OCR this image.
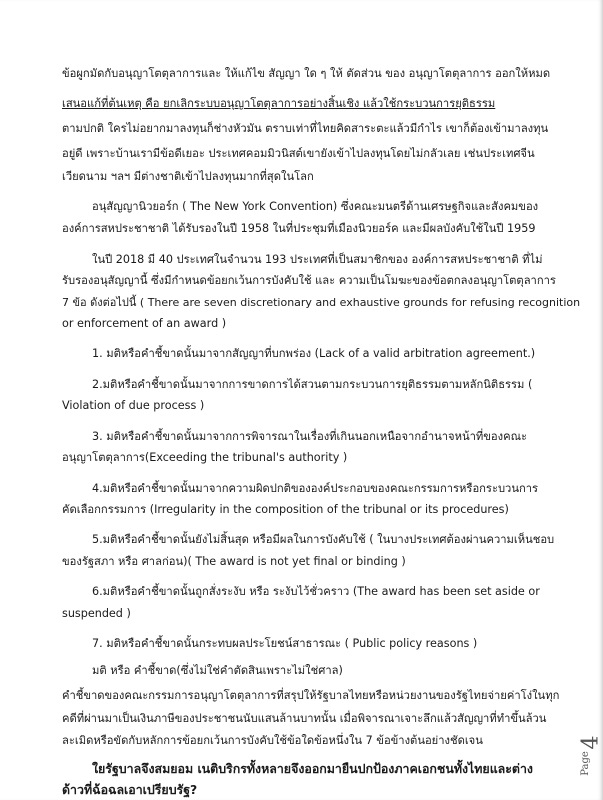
ข้อผูกมัดกับอนุญาโตตุลาการและ ให้แก้ไข สัญญา ใด ๆ ให้ ตัดส่วน ของ อนุญาโตตุลาการ ออกให้หมด
เสนอแก้ที่ต้นเหตุ คือ ยกเลิกระบบอนุญาโตตุลาการอย่างสิ้นเชิง แล้วใช้กระบวนการยุติธรรม
ตามปกติ ใครไม่อยากมาลงทุนก็ช่างหัวมัน ตราบเท่าที่ไทยคิดสาระตะแล้วมีกำไร เขาก็ต้องเข้ามาลงทุน
อยู่ดี เพราะบ้านเรามีข้อดีเยอะ ประเทศคอมมิวนิสต์เขายังเข้าไปลงทุนโดยไม่กลัวเลย เช่นประเทศจีน
เวียดนาม ฯลฯ มีต่างชาติเข้าไปลงทุนมากที่สุดในโลก
อนุสัญญานิวยอร์ก ( The New York Convention) ซึ่งคณะมนตรีด้านเศรษฐกิจและสังคมของ
องค์การสหประชาชาติ ได้รับรองในปี 1958 ในที่ประชุมที่เมืองนิวยอร์ค และมีผลบังคับใช้ในปี 1959
ในปี 2018 มี 40 ประเทศในจำนวน 193 ประเทศที่เป็นสมาชิกของ องค์การสหประชาชาติ ที่ไม่
รับรองอนุสัญญานี้ ซึ่งมีกำหนดข้อยกเว้นการบังคับใช้ และ ความเป็นโมฆะของข้อตกลงอนุญาโตตุลาการ
7 ข้อ ดังต่อไปนี้ ( There are seven discretionary and exhaustive grounds for refusing recognition
or enforcement of an award )
1. มติหรือคำชี้ขาดนั้นมาจากสัญญาที่บกพร่อง (Lack of a valid arbitration agreement.)
2.มติหรือคำชี้ขาดนั้นมาจากการขาดการได้สวนตามกระบวนการยุติธรรมตามหลักนิติธรรม (
Violation of due process )
3. มติหรือคำชี้ขาดนั้นมาจากการพิจารณาในเรื่องที่เกินนอกเหนือจากอำนาจหน้าที่ของคณะ
อนุญาโตตุลาการ(Exceeding the tribunal's authority )
4.มติหรือคำชี้ขาดนั้นมาจากความผิดปกติขององค์ประกอบของคณะกรรมการหรือกระบวนการ
คัดเลือกกรรมการ (Irregularity in the composition of the tribunal or its procedures)
5.มติหรือคำชี้ขาดนั้นยังไม่สิ้นสุด หรือมีผลในการบังคับใช้ ( ในบางประเทศต้องผ่านความเห็นชอบ
ของรัฐสภา หรือ ศาลก่อน)( The award is not yet final or binding )
6.มติหรือคำชี้ขาดนั้นถูกสั่งระงับ หรือ ระงับไว้ชั่วคราว (The award has been set aside or
suspended )
7. มติหรือคำชี้ขาดนั้นกระทบผลประโยชน์สาธารณะ ( Public policy reasons )
มติ หรือ คำชี้ขาด(ซึ่งไม่ใช่คำตัดสินเพราะไม่ใช่ศาล)
คำชี้ขาดของคณะกรรมการอนุญาโตตุลาการที่สรุปให้รัฐบาลไทยหรือหน่วยงานของรัฐไทยจ่ายค่าโง่ในทุก
คดีที่ผ่านมาเป็นเงินภาษีของประชาชนนับแสนล้านบาทนั้น เมื่อพิจารณาเจาะลึกแล้วสัญญาที่ทำขึ้นล้วน
ละเมิดหรือขัดกับหลักการข้อยกเว้นการบังคับใช้ข้อใดข้อหนึ่งใน 7 ข้อข้างต้นอย่างชัดเจน
ใยรัฐบาลจึงสมยอม เนติบริกรทั้งหลายจึงออกมายืนปกป้องภาคเอกชนทั้งไทยและต่าง
ด้าวที่ฉ้อฉลเอาเปรียบรัฐ?
Page
4
